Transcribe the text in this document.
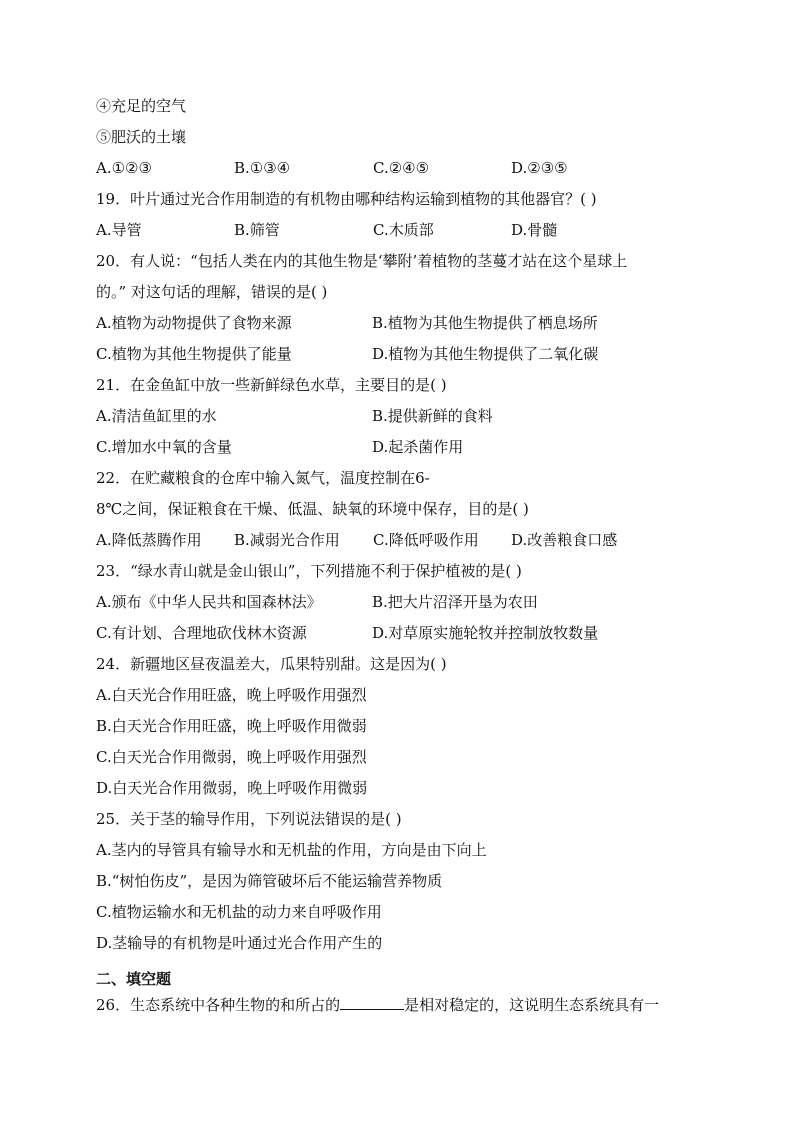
④充足的空气
⑤肥沃的土壤
A.①②③	B.①③④	C.②④⑤	D.②③⑤
19．叶片通过光合作用制造的有机物由哪种结构运输到植物的其他器官？( )
A.导管	B.筛管	C.木质部	D.骨髓
20．有人说：“包括人类在内的其他生物是‘攀附’着植物的茎蔓才站在这个星球上
的。” 对这句话的理解，错误的是( )
A.植物为动物提供了食物来源	B.植物为其他生物提供了栖息场所
C.植物为其他生物提供了能量	D.植物为其他生物提供了二氧化碳
21．在金鱼缸中放一些新鲜绿色水草，主要目的是( )
A.清洁鱼缸里的水	B.提供新鲜的食料
C.增加水中氧的含量	D.起杀菌作用
22．在贮藏粮食的仓库中输入氮气，温度控制在6-
8℃之间，保证粮食在干燥、低温、缺氧的环境中保存，目的是( )
A.降低蒸腾作用 B.减弱光合作用 C.降低呼吸作用 D.改善粮食口感
23．“绿水青山就是金山银山”，下列措施不利于保护植被的是( )
A.颁布《中华人民共和国森林法》	B.把大片沼泽开垦为农田
C.有计划、合理地砍伐林木资源	D.对草原实施轮牧并控制放牧数量
24．新疆地区昼夜温差大，瓜果特别甜。这是因为( )
A.白天光合作用旺盛，晚上呼吸作用强烈
B.白天光合作用旺盛，晚上呼吸作用微弱
C.白天光合作用微弱，晚上呼吸作用强烈
D.白天光合作用微弱，晚上呼吸作用微弱
25．关于茎的输导作用，下列说法错误的是( )
A.茎内的导管具有输导水和无机盐的作用，方向是由下向上
B.“树怕伤皮”，是因为筛管破坏后不能运输营养物质
C.植物运输水和无机盐的动力来自呼吸作用
D.茎输导的有机物是叶通过光合作用产生的
二、填空题
26．生态系统中各种生物的和所占的	是相对稳定的，这说明生态系统具有一
